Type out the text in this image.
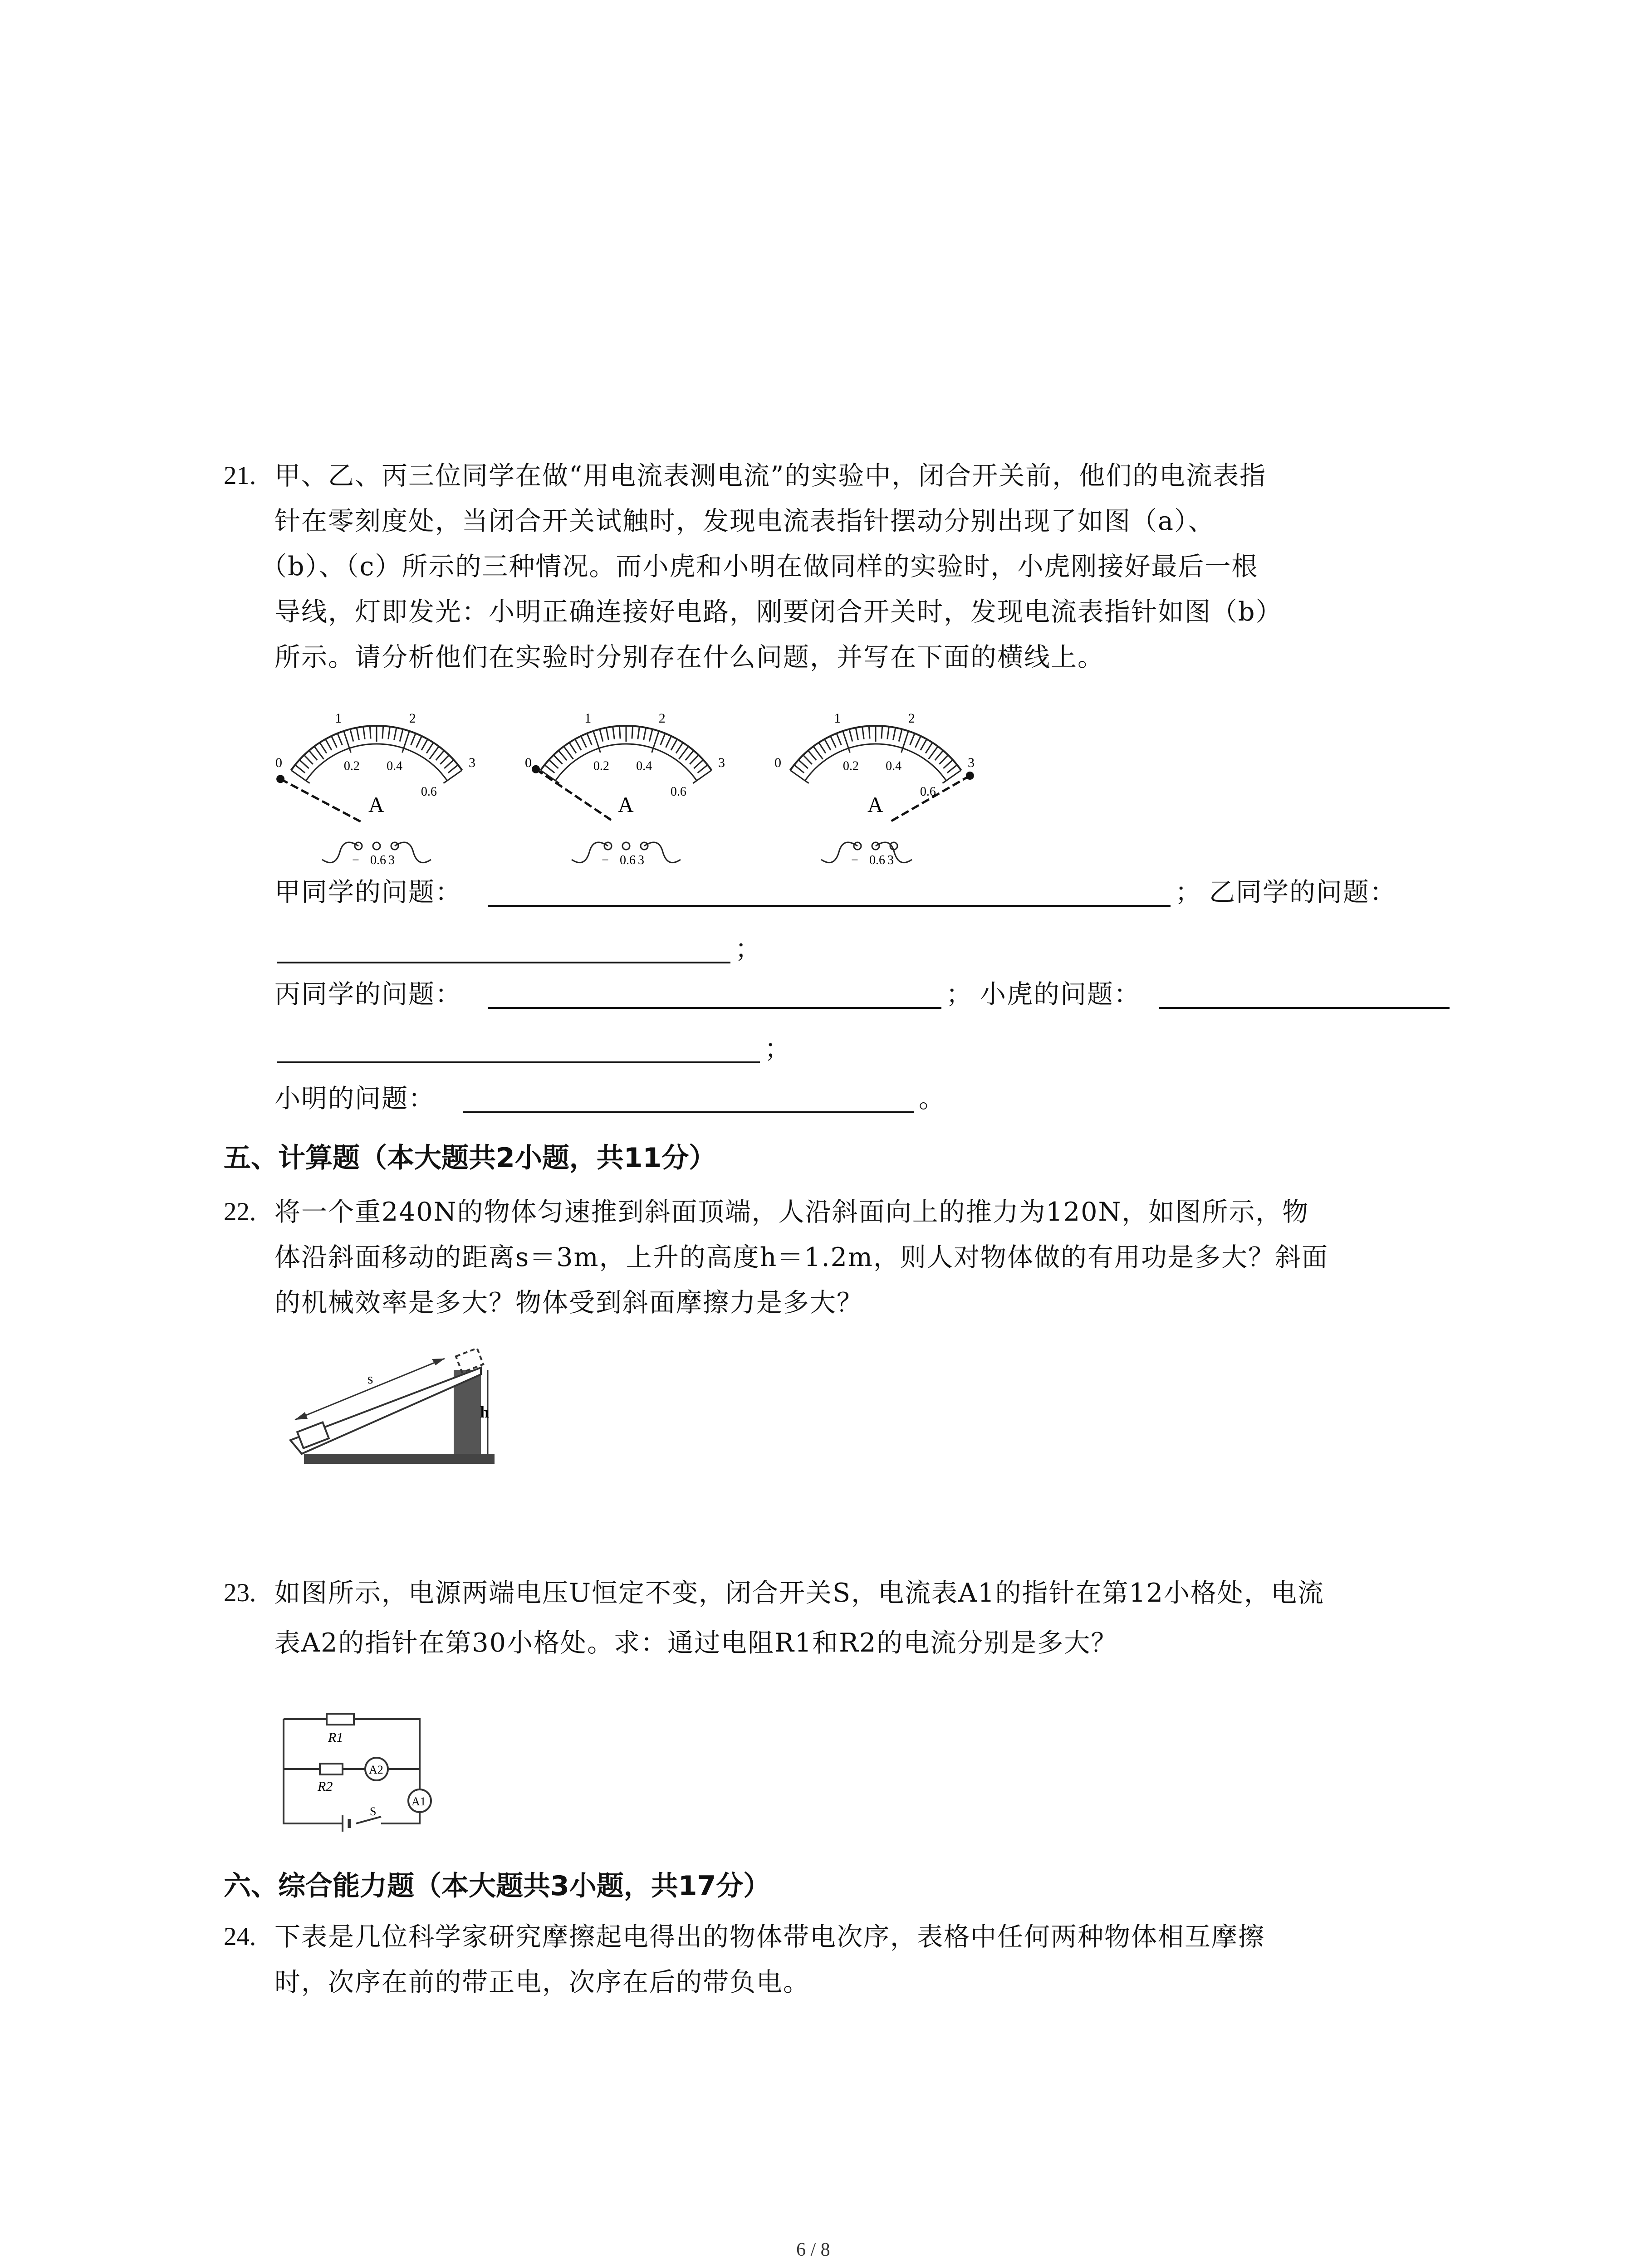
21. 甲、乙、丙三位同学在做“用电流表测电流”的实验中，闭合开关前，他们的电流表指
针在零刻度处，当闭合开关试触时，发现电流表指针摆动分别出现了如图（a）、
（b）、（c）所示的三种情况。而小虎和小明在做同样的实验时，小虎刚接好最后一根
导线，灯即发光：小明正确连接好电路，刚要闭合开关时，发现电流表指针如图（b）
所示。请分析他们在实验时分别存在什么问题，并写在下面的横线上。
0
1	2
3
0.2 0.4
0.6
A
− 0.6 3
0
1	2
3
0.2 0.4
0.6
A
− 0.6 3
0
1	2
3
0.2 0.4
0.6
A
− 0.6 3
甲同学的问题：	； 乙同学的问题：
；
丙同学的问题：	； 小虎的问题：
；
小明的问题：	。
五、计算题（本大题共2小题，共11分）
22. 将一个重240N的物体匀速推到斜面顶端，人沿斜面向上的推力为120N，如图所示，物
体沿斜面移动的距离s＝3m，上升的高度h＝1.2m，则人对物体做的有用功是多大？斜面
的机械效率是多大？物体受到斜面摩擦力是多大？
s
h
23. 如图所示，电源两端电压U恒定不变，闭合开关S，电流表A1的指针在第12小格处，电流
表A2的指针在第30小格处。求：通过电阻R1和R2的电流分别是多大？
R1
R2
A2
A1
S
六、综合能力题（本大题共3小题，共17分）
24. 下表是几位科学家研究摩擦起电得出的物体带电次序，表格中任何两种物体相互摩擦
时，次序在前的带正电，次序在后的带负电。
6 / 8
